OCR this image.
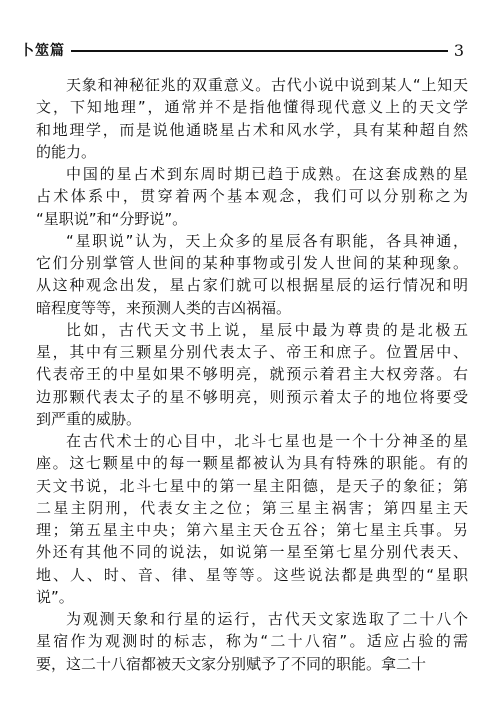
卜筮篇	3
天象和神秘征兆的双重意义。古代小说中说到某人“上知天
文，下知地理”，通常并不是指他懂得现代意义上的天文学
和地理学，而是说他通晓星占术和风水学，具有某种超自然
的能力。
中国的星占术到东周时期已趋于成熟。在这套成熟的星
占术体系中，贯穿着两个基本观念，我们可以分别称之为
“星职说”和“分野说”。
“星职说”认为，天上众多的星辰各有职能，各具神通，
它们分别掌管人世间的某种事物或引发人世间的某种现象。
从这种观念出发，星占家们就可以根据星辰的运行情况和明
暗程度等等，来预测人类的吉凶祸福。
比如，古代天文书上说，星辰中最为尊贵的是北极五
星，其中有三颗星分别代表太子、帝王和庶子。位置居中、
代表帝王的中星如果不够明亮，就预示着君主大权旁落。右
边那颗代表太子的星不够明亮，则预示着太子的地位将要受
到严重的威胁。
在古代术士的心目中，北斗七星也是一个十分神圣的星
座。这七颗星中的每一颗星都被认为具有特殊的职能。有的
天文书说，北斗七星中的第一星主阳德，是天子的象征；第
二星主阴刑，代表女主之位；第三星主祸害；第四星主天
理；第五星主中央；第六星主天仓五谷；第七星主兵事。另
外还有其他不同的说法，如说第一星至第七星分别代表天、
地、人、时、音、律、星等等。这些说法都是典型的“星职
说”。
为观测天象和行星的运行，古代天文家选取了二十八个
星宿作为观测时的标志，称为“二十八宿”。适应占验的需
要，这二十八宿都被天文家分别赋予了不同的职能。拿二十
